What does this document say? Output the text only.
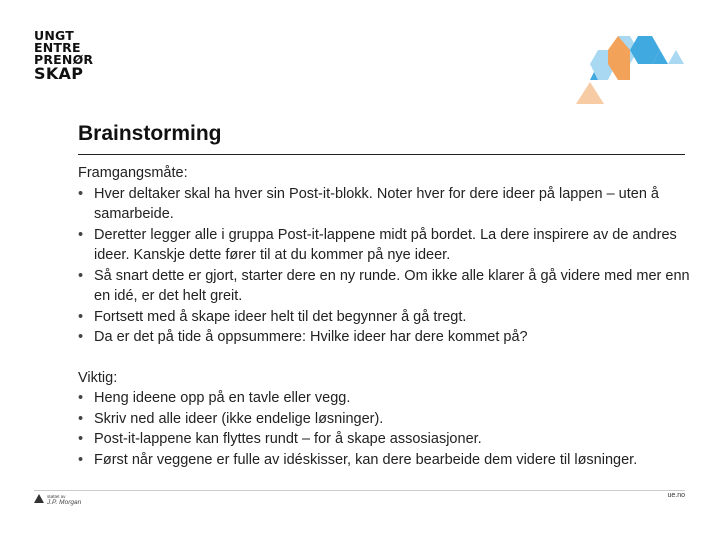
UNGT
ENTRE
PRENØR
SKAP
Brainstorming

Framgangsmåte:

• Hver deltaker skal ha hver sin Post-it-blokk. Noter hver for dere ideer på lappen – uten å samarbeide.
• Deretter legger alle i gruppa Post-it-lappene midt på bordet. La dere inspirere av de andres ideer. Kanskje dette fører til at du kommer på nye ideer.
• Så snart dette er gjort, starter dere en ny runde. Om ikke alle klarer å gå videre med mer enn en idé, er det helt greit.
• Fortsett med å skape ideer helt til det begynner å gå tregt.
• Da er det på tide å oppsummere: Hvilke ideer har dere kommet på?

Viktig:

• Heng ideene opp på en tavle eller vegg.
• Skriv ned alle ideer (ikke endelige løsninger).
• Post-it-lappene kan flyttes rundt – for å skape assosiasjoner.
• Først når veggene er fulle av idéskisser, kan dere bearbeide dem videre til løsninger.
støttet av
J.P. Morgan
ue.no
